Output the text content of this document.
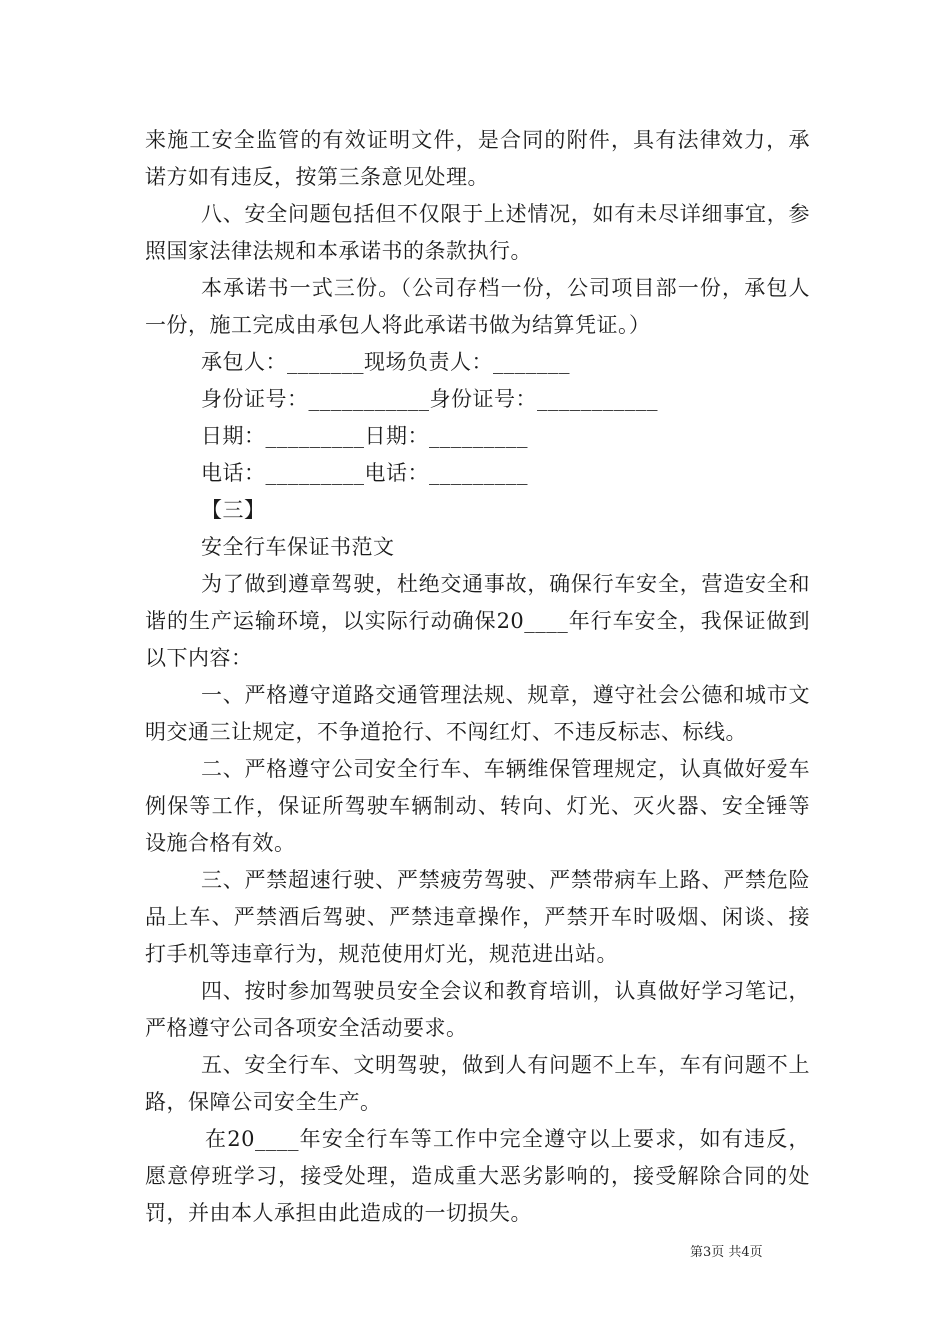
来施工安全监管的有效证明文件，是合同的附件，具有法律效力，承诺方如有违反，按第三条意见处理。

八、安全问题包括但不仅限于上述情况，如有未尽详细事宜，参照国家法律法规和本承诺书的条款执行。

本承诺书一式三份。（公司存档一份，公司项目部一份，承包人一份，施工完成由承包人将此承诺书做为结算凭证。）

承包人：_______现场负责人：_______

身份证号：___________身份证号：___________

日期：_________日期：_________

电话：_________电话：_________

【三】

安全行车保证书范文

为了做到遵章驾驶，杜绝交通事故，确保行车安全，营造安全和谐的生产运输环境，以实际行动确保20____年行车安全，我保证做到以下内容：

一、严格遵守道路交通管理法规、规章，遵守社会公德和城市文明交通三让规定，不争道抢行、不闯红灯、不违反标志、标线。

二、严格遵守公司安全行车、车辆维保管理规定，认真做好爱车例保等工作，保证所驾驶车辆制动、转向、灯光、灭火器、安全锤等设施合格有效。

三、严禁超速行驶、严禁疲劳驾驶、严禁带病车上路、严禁危险品上车、严禁酒后驾驶、严禁违章操作，严禁开车时吸烟、闲谈、接打手机等违章行为，规范使用灯光，规范进出站。

四、按时参加驾驶员安全会议和教育培训，认真做好学习笔记，严格遵守公司各项安全活动要求。

五、安全行车、文明驾驶，做到人有问题不上车，车有问题不上路，保障公司安全生产。

在20____年安全行车等工作中完全遵守以上要求，如有违反，愿意停班学习，接受处理，造成重大恶劣影响的，接受解除合同的处罚，并由本人承担由此造成的一切损失。

第3页 共4页
